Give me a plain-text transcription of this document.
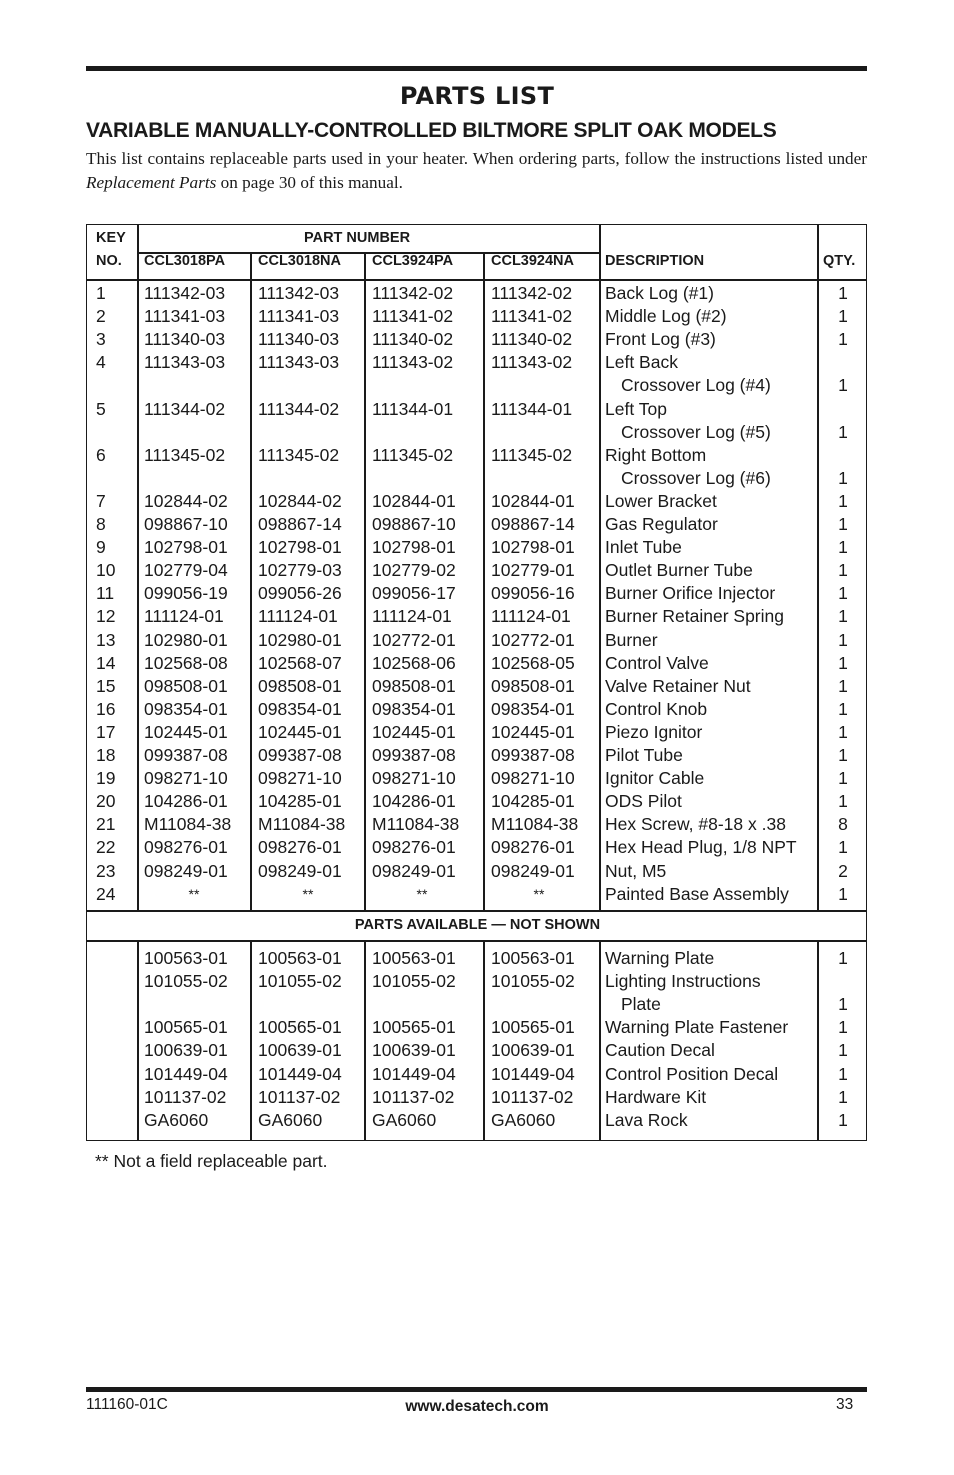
PARTS LIST
VARIABLE MANUALLY-CONTROLLED BILTMORE SPLIT OAK MODELS
This list contains replaceable parts used in your heater. When ordering parts, follow the instructions listed under Replacement Parts on page 30 of this manual.
KEY
NO.
PART NUMBER
CCL3018PA CCL3018NA CCL3924PA	CCL3924NA DESCRIPTION	QTY.
1 111342-03 111342-03 111342-02 111342-02 Back Log (#1)	1
2 111341-03 111341-03 111341-02 111341-02 Middle Log (#2)	1
3 111340-03 111340-03 111340-02 111340-02 Front Log (#3)	1
4 111343-03 111343-03 111343-02 111343-02 Left Back
Crossover Log (#4)	1
5 111344-02 111344-02 111344-01 111344-01 Left Top
Crossover Log (#5)	1
6 111345-02 111345-02 111345-02 111345-02 Right Bottom
Crossover Log (#6)	1
7 102844-02 102844-02 102844-01 102844-01 Lower Bracket	1
8 098867-10 098867-14 098867-10 098867-14 Gas Regulator	1
9 102798-01 102798-01 102798-01 102798-01 Inlet Tube	1
10 102779-04 102779-03 102779-02 102779-01 Outlet Burner Tube	1
11 099056-19 099056-26 099056-17 099056-16 Burner Orifice Injector	1
12 111124-01 111124-01 111124-01 111124-01 Burner Retainer Spring	1
13 102980-01 102980-01 102772-01 102772-01 Burner	1
14 102568-08 102568-07 102568-06 102568-05 Control Valve	1
15 098508-01 098508-01 098508-01 098508-01 Valve Retainer Nut	1
16 098354-01 098354-01 098354-01 098354-01 Control Knob	1
17 102445-01 102445-01 102445-01 102445-01 Piezo Ignitor	1
18 099387-08 099387-08 099387-08 099387-08 Pilot Tube	1
19 098271-10 098271-10 098271-10 098271-10 Ignitor Cable	1
20 104286-01 104285-01 104286-01 104285-01 ODS Pilot	1
21 M11084-38 M11084-38 M11084-38 M11084-38 Hex Screw, #8-18 x .38	8
22 098276-01 098276-01 098276-01 098276-01 Hex Head Plug, 1/8 NPT	1
23 098249-01 098249-01 098249-01 098249-01 Nut, M5	2
24	**	**	**	**	Painted Base Assembly	1
PARTS AVAILABLE — NOT SHOWN
100563-01 100563-01 100563-01 100563-01 Warning Plate	1
101055-02 101055-02 101055-02 101055-02 Lighting Instructions
Plate	1
100565-01 100565-01 100565-01 100565-01 Warning Plate Fastener	1
100639-01 100639-01 100639-01 100639-01 Caution Decal	1
101449-04 101449-04 101449-04 101449-04 Control Position Decal	1
101137-02 101137-02 101137-02 101137-02 Hardware Kit	1
GA6060	GA6060	GA6060	GA6060	Lava Rock	1
** Not a field replaceable part.
111160-01C	www.desatech.com	33
